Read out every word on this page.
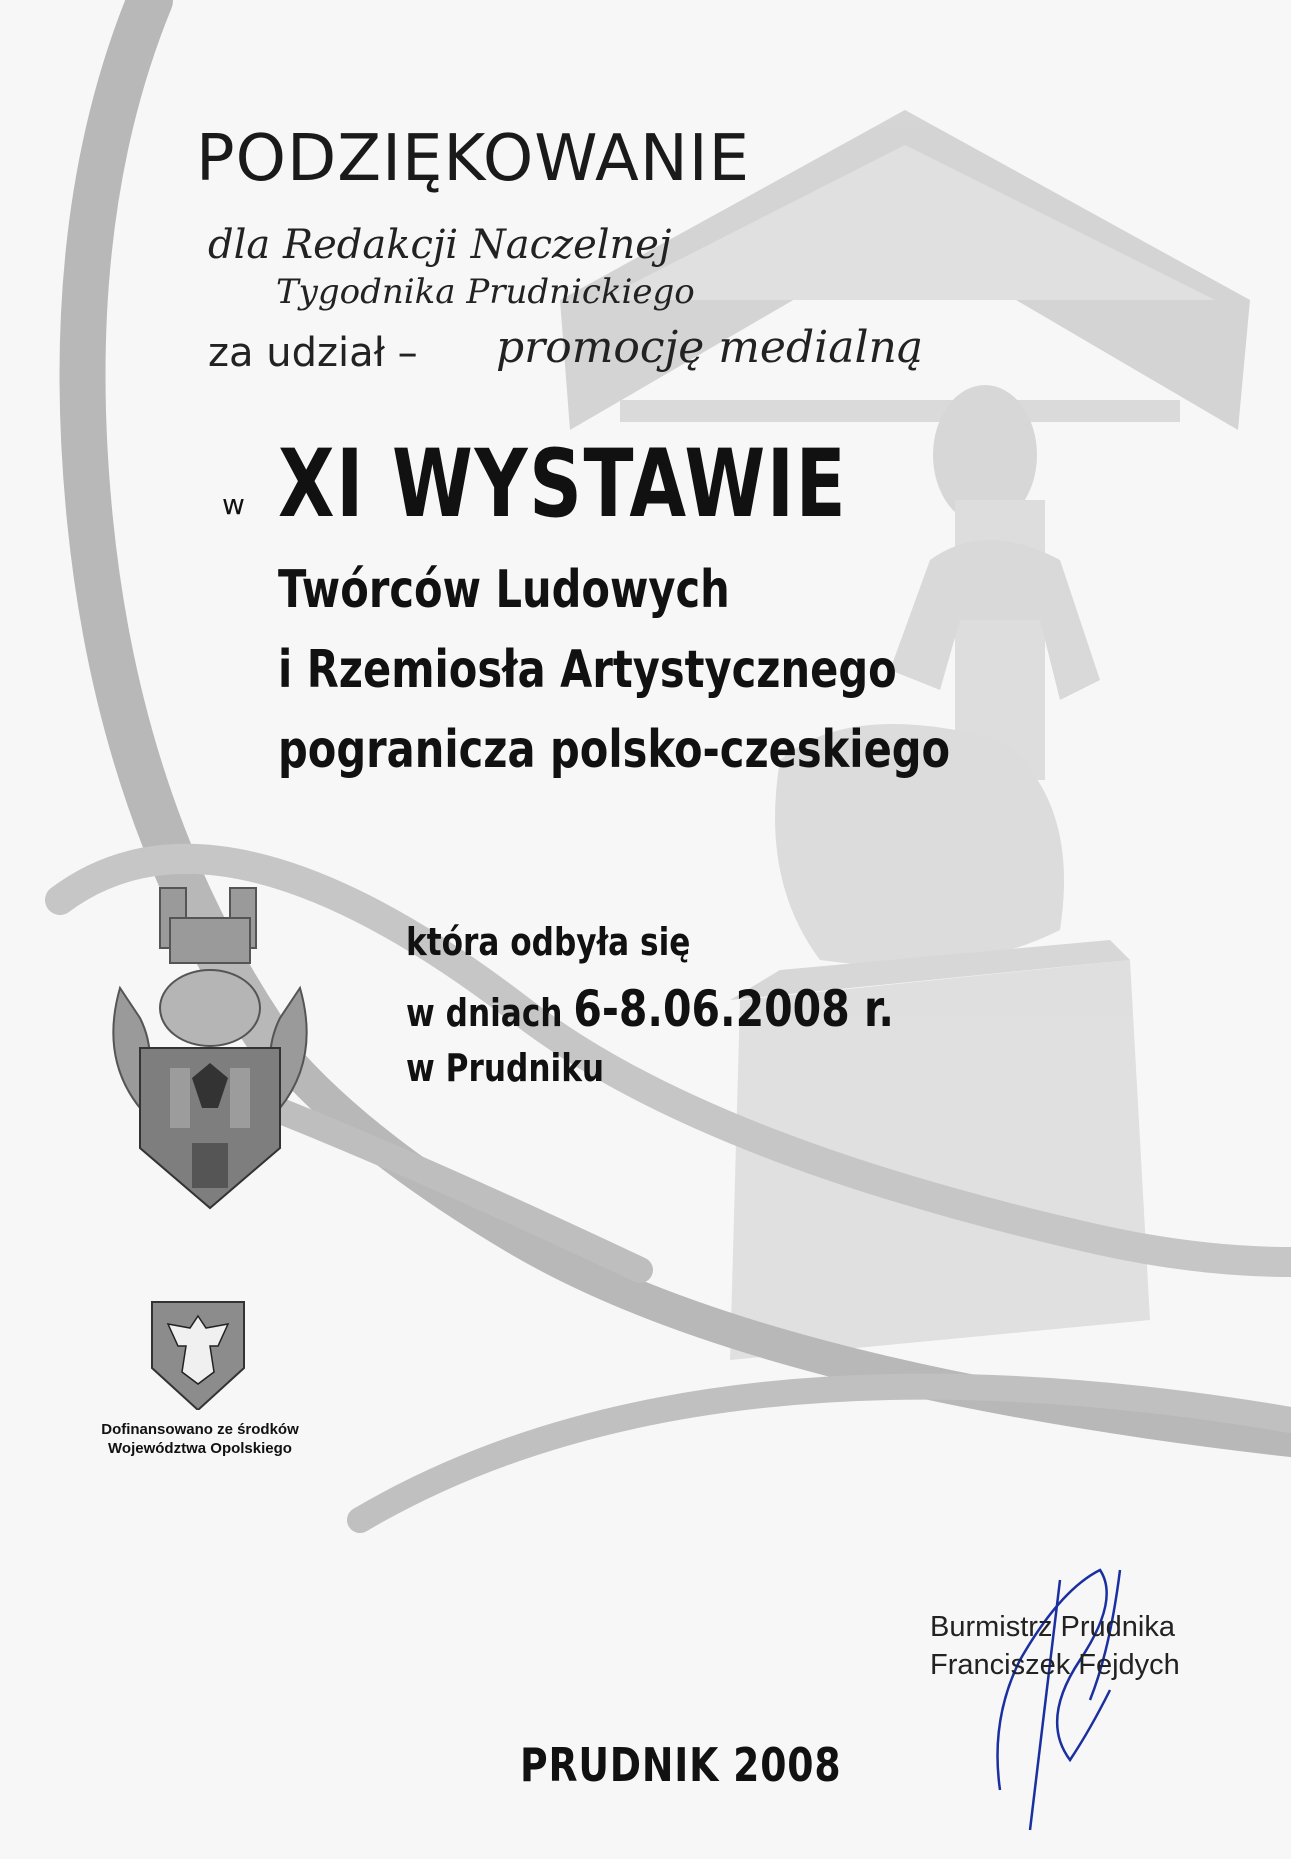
PODZIĘKOWANIE
dla Redakcji Naczelnej
Tygodnika Prudnickiego
za udział – promocję medialną
w XI WYSTAWIE
Twórców Ludowych
i Rzemiosła Artystycznego
pogranicza polsko-czeskiego
która odbyła się
w dniach 6-8.06.2008 r.
w Prudniku
Dofinansowano ze środków
Województwa Opolskiego
Burmistrz Prudnika
Franciszek Fejdych
PRUDNIK 2008
